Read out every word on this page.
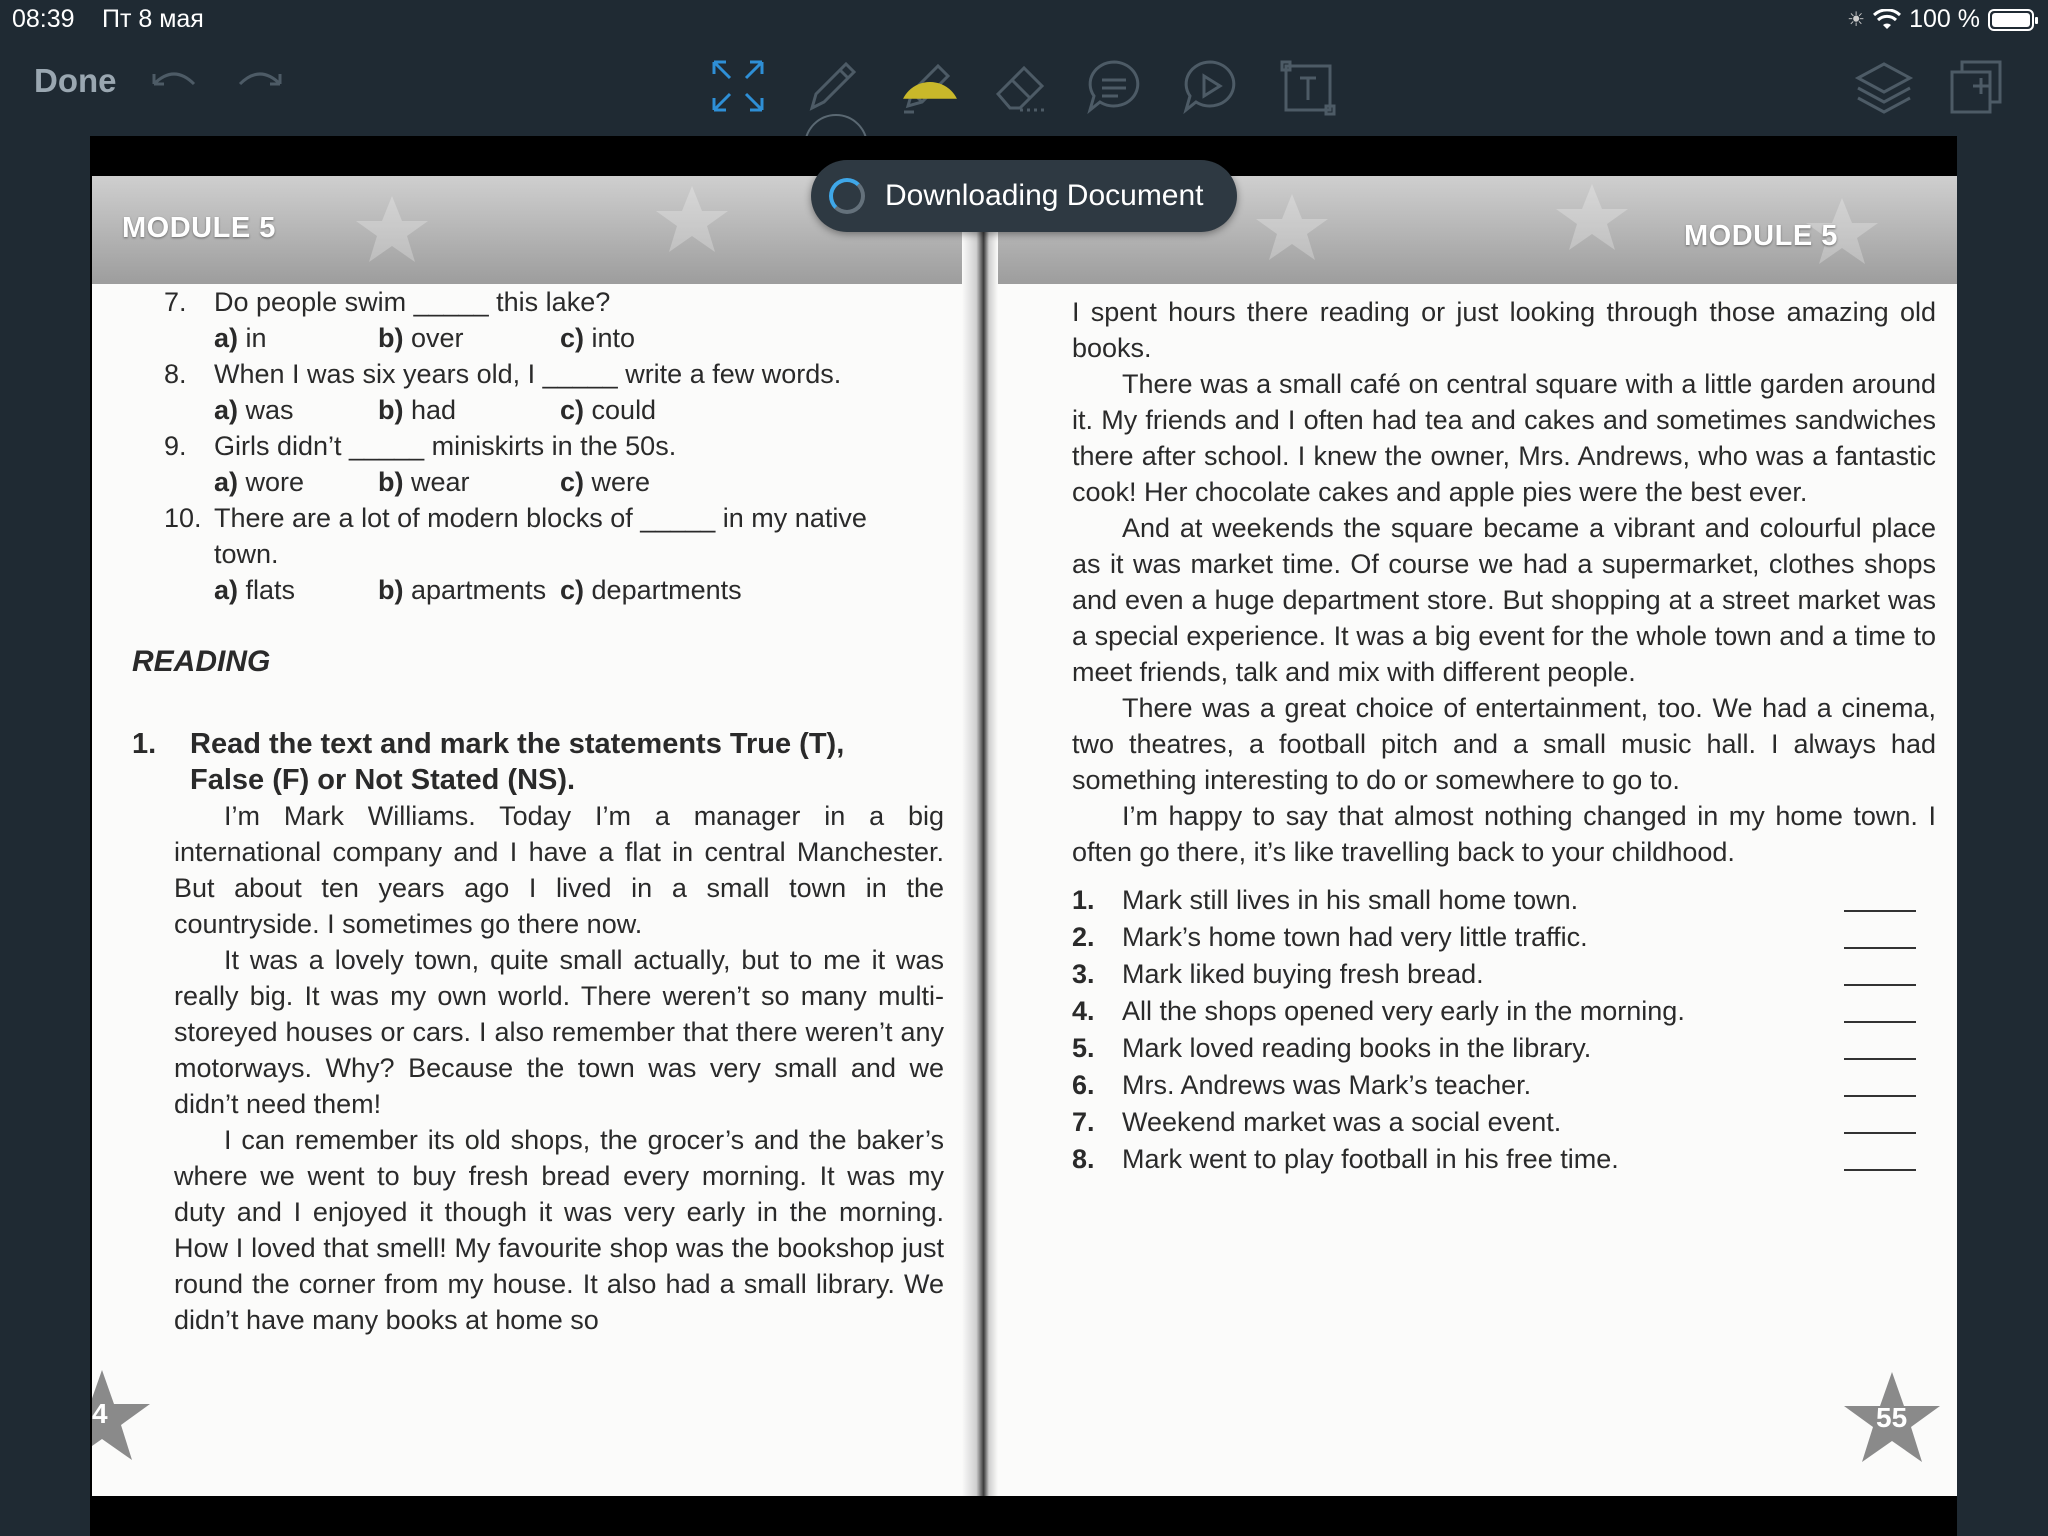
08:39 Пт 8 мая	☀ 100 %
Done
MODULE 5	MODULE 5
7. Do people swim _____ this lake?
a) in	b) over	c) into
8. When I was six years old, I _____ write a few words.
a) was	b) had	c) could
9. Girls didn’t _____ miniskirts in the 50s.
a) wore	b) wear	c) were
10. There are a lot of modern blocks of _____ in my native
town.
a) flats	b) apartments c) departments
READING
1. Read the text and mark the statements True (T),
False (F) or Not Stated (NS).

I’m Mark Williams. Today I’m a manager in a big international company and I have a flat in central Manchester. But about ten years ago I lived in a small town in the countryside. I sometimes go there now.

It was a lovely town, quite small actually, but to me it was really big. It was my own world. There weren’t so many multi-storeyed houses or cars. I also remember that there weren’t any motorways. Why? Because the town was very small and we didn’t need them!

I can remember its old shops, the grocer’s and the baker’s where we went to buy fresh bread every morning. It was my duty and I enjoyed it though it was very early in the morning. How I loved that smell! My favourite shop was the bookshop just round the corner from my house. It also had a small library. We didn’t have many books at home so

I spent hours there reading or just looking through those amazing old books.

There was a small café on central square with a little garden around it. My friends and I often had tea and cakes and sometimes sandwiches there after school. I knew the owner, Mrs. Andrews, who was a fantastic cook! Her chocolate cakes and apple pies were the best ever.

And at weekends the square became a vibrant and colourful place as it was market time. Of course we had a supermarket, clothes shops and even a huge department store. But shopping at a street market was a special experience. It was a big event for the whole town and a time to meet friends, talk and mix with different people.

There was a great choice of entertainment, too. We had a cinema, two theatres, a football pitch and a small music hall. I always had something interesting to do or somewhere to go to.

I’m happy to say that almost nothing changed in my home town. I often go there, it’s like travelling back to your childhood.

1. Mark still lives in his small home town.
2. Mark’s home town had very little traffic.
3. Mark liked buying fresh bread.
4. All the shops opened very early in the morning.
5. Mark loved reading books in the library.
6. Mrs. Andrews was Mark’s teacher.
7. Weekend market was a social event.
8. Mark went to play football in his free time.
4	55
Downloading Document
